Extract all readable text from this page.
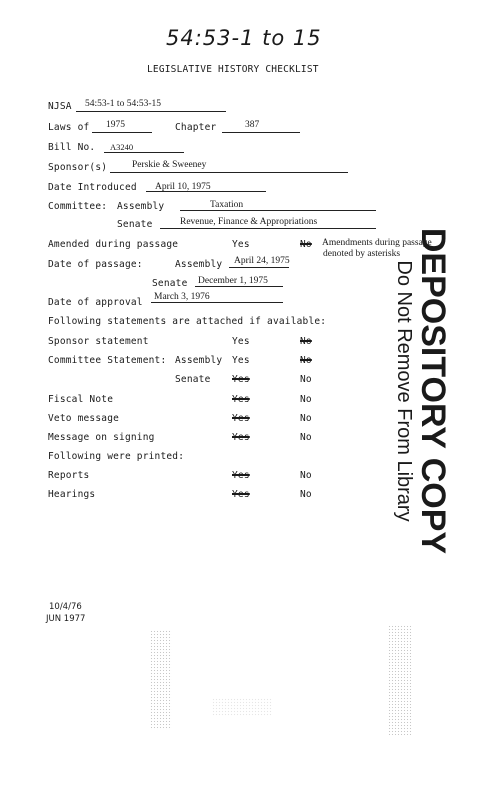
54:53-1 to 15
LEGISLATIVE HISTORY CHECKLIST
NJSA 54:53-1 to 54:53-15
Laws of 1975	Chapter	387
Bill No. A3240
Sponsor(s)	Perskie & Sweeney
Date Introduced April 10, 1975
Committee: Assembly	Taxation
Senate	Revenue, Finance & Appropriations
Amended during passage	Yes	No Amendments during passage
denoted by asterisks
Date of passage:	Assembly April 24, 1975
Senate December 1, 1975
Date of approval March 3, 1976
Following statements are attached if available:
Sponsor statement	Yes	No
Committee Statement: Assembly Yes	No
Senate Yes	No
Fiscal Note	Yes	No
Veto message	Yes	No
Message on signing	Yes	No
Following were printed:
Reports	Yes	No
Hearings	Yes	No	DEPOSITORY COPY
Do Not Remove From Library
10/4/76
JUN 1977
